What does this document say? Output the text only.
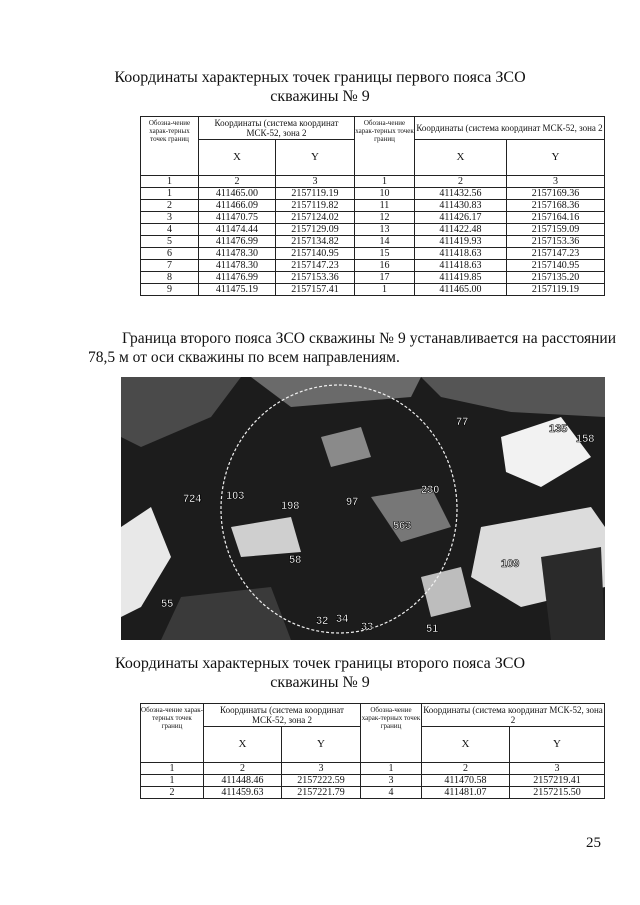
Координаты характерных точек границы первого пояса ЗСО
скважины № 9
Обозна-чение харак-терных точек границ	Координаты (система координат МСК-52, зона 2		Обозна-чение харак-терных точек границ	Координаты (система координат МСК-52, зона 2	
	X	Y		X	Y
1	2	3	1	2	3
1	411465.00	2157119.19	10	411432.56	2157169.36
2	411466.09	2157119.82	11	411430.83	2157168.36
3	411470.75	2157124.02	12	411426.17	2157164.16
4	411474.44	2157129.09	13	411422.48	2157159.09
5	411476.99	2157134.82	14	411419.93	2157153.36
6	411478.30	2157140.95	15	411418.63	2157147.23
7	411478.30	2157147.23	16	411418.63	2157140.95
8	411476.99	2157153.36	17	411419.85	2157135.20
9	411475.19	2157157.41	1	411465.00	2157119.19
Граница второго пояса ЗСО скважины № 9 устанавливается на расстоянии 78,5 м от оси скважины по всем направлениям.
77
135
158
724 103
198	97
230
563
58	109
51
55
34
32	33
Координаты характерных точек границы второго пояса ЗСО
скважины № 9
Обозна-чение харак-терных точек границ	Координаты (система координат МСК-52, зона 2		Обозна-чение харак-терных точек границ	Координаты (система координат МСК-52, зона 2	
	X	Y		X	Y
1	2	3	1	2	3
1	411448.46	2157222.59	3	411470.58	2157219.41
2	411459.63	2157221.79	4	411481.07	2157215.50
25
